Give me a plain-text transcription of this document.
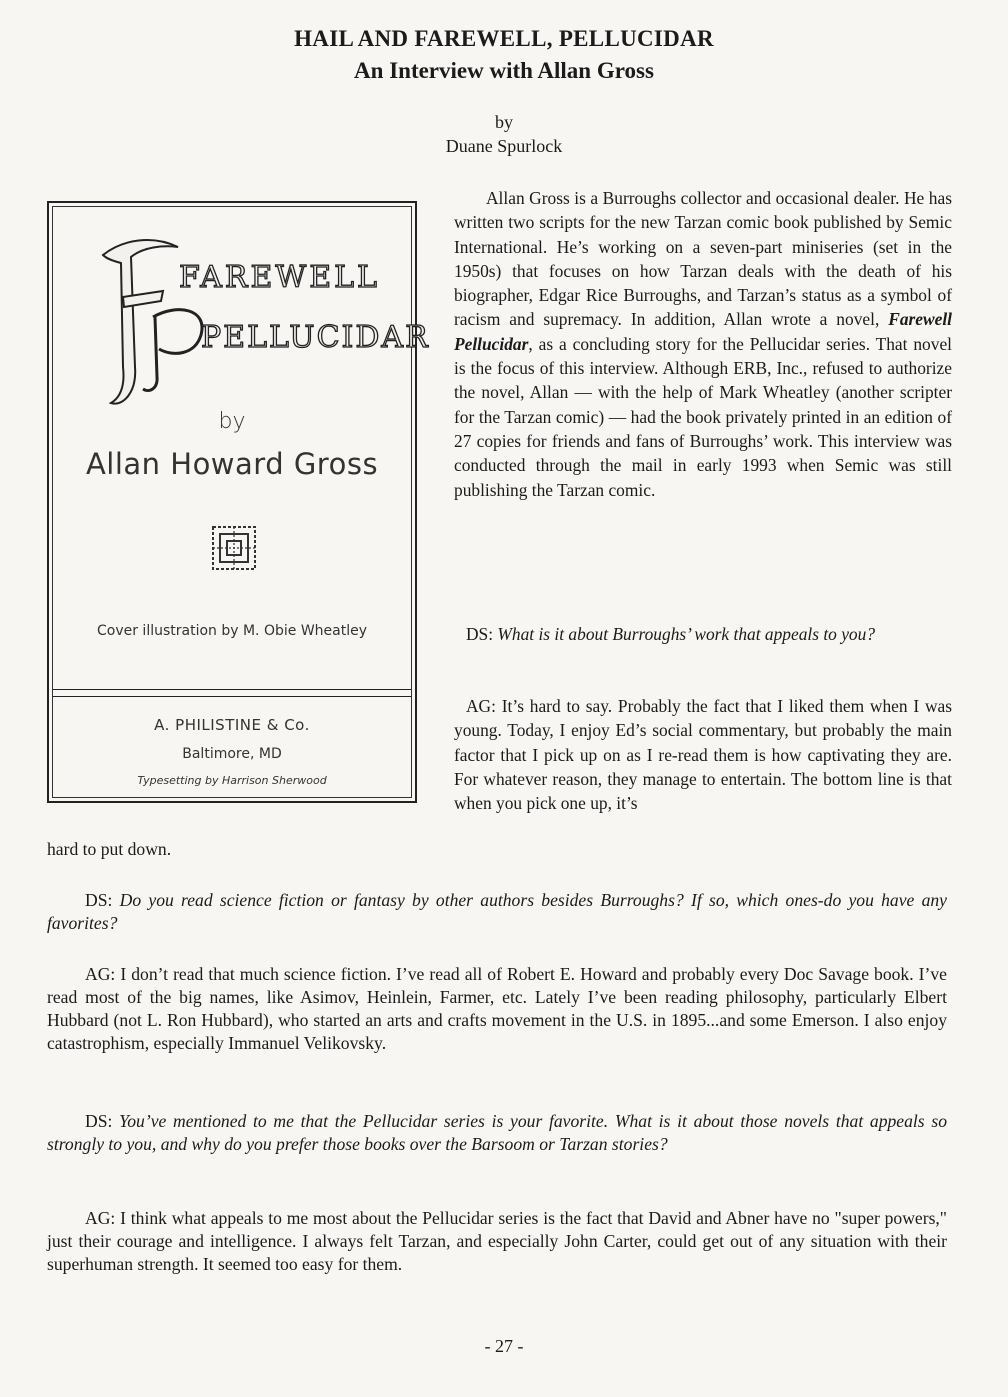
HAIL AND FAREWELL, PELLUCIDAR
An Interview with Allan Gross
by
Duane Spurlock
FAREWELL
PELLUCIDAR
by
Allan Howard Gross
Cover illustration by M. Obie Wheatley
A. PHILISTINE & Co.
Baltimore, MD
Typesetting by Harrison Sherwood
Allan Gross is a Burroughs collector and occasional dealer. He has written two scripts for the new Tarzan comic book published by Semic International. He’s working on a seven-part miniseries (set in the 1950s) that focuses on how Tarzan deals with the death of his biographer, Edgar Rice Burroughs, and Tarzan’s status as a symbol of racism and supremacy. In addition, Allan wrote a novel, Farewell Pellucidar, as a concluding story for the Pellucidar series. That novel is the focus of this interview. Although ERB, Inc., refused to authorize the novel, Allan — with the help of Mark Wheatley (another scripter for the Tarzan comic) — had the book privately printed in an edition of 27 copies for friends and fans of Burroughs’ work. This interview was conducted through the mail in early 1993 when Semic was still publishing the Tarzan comic.
DS: What is it about Burroughs’ work that appeals to you?
AG: It’s hard to say. Probably the fact that I liked them when I was young. Today, I enjoy Ed’s social commentary, but probably the main factor that I pick up on as I re-read them is how captivating they are. For whatever reason, they manage to entertain. The bottom line is that when you pick one up, it’s
hard to put down.
DS: Do you read science fiction or fantasy by other authors besides Burroughs? If so, which ones-do you have any favorites?
AG: I don’t read that much science fiction. I’ve read all of Robert E. Howard and probably every Doc Savage book. I’ve read most of the big names, like Asimov, Heinlein, Farmer, etc. Lately I’ve been reading philosophy, particularly Elbert Hubbard (not L. Ron Hubbard), who started an arts and crafts movement in the U.S. in 1895...and some Emerson. I also enjoy catastrophism, especially Immanuel Velikovsky.
DS: You’ve mentioned to me that the Pellucidar series is your favorite. What is it about those novels that appeals so strongly to you, and why do you prefer those books over the Barsoom or Tarzan stories?
AG: I think what appeals to me most about the Pellucidar series is the fact that David and Abner have no "super powers," just their courage and intelligence. I always felt Tarzan, and especially John Carter, could get out of any situation with their superhuman strength. It seemed too easy for them.
- 27 -
